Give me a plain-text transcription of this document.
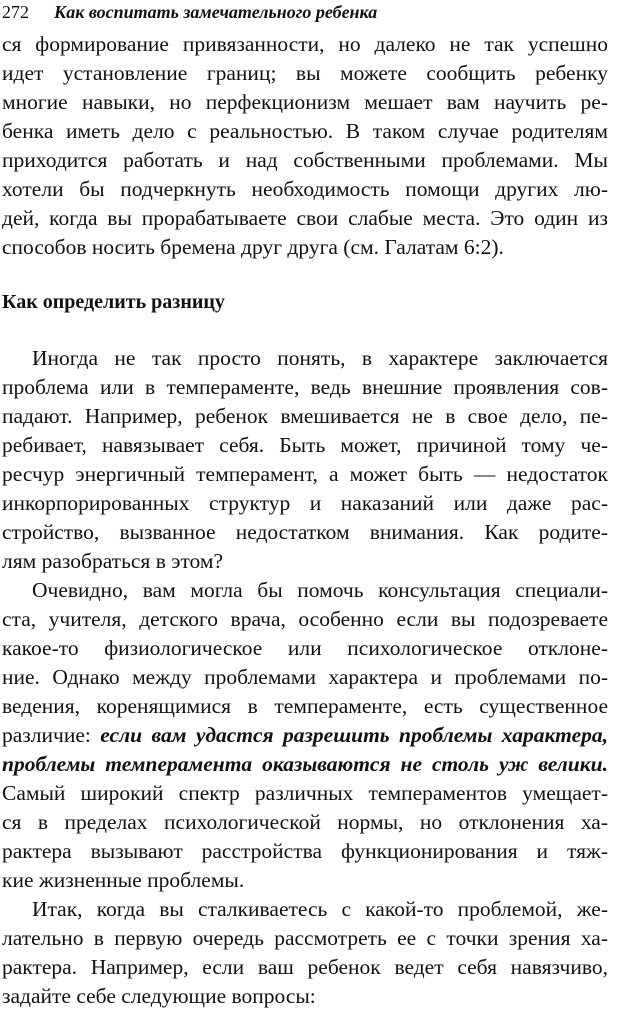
272 Как воспитать замечательного ребенка
ся формирование привязанности, но далеко не так успешно
идет установление границ; вы можете сообщить ребенку
многие навыки, но перфекционизм мешает вам научить ре-
бенка иметь дело с реальностью. В таком случае родителям
приходится работать и над собственными проблемами. Мы
хотели бы подчеркнуть необходимость помощи других лю-
дей, когда вы прорабатываете свои слабые места. Это один из
способов носить бремена друг друга (см. Галатам 6:2).
Как определить разницу
Иногда не так просто понять, в характере заключается
проблема или в темпераменте, ведь внешние проявления сов-
падают. Например, ребенок вмешивается не в свое дело, пе-
ребивает, навязывает себя. Быть может, причиной тому че-
ресчур энергичный темперамент, а может быть — недостаток
инкорпорированных структур и наказаний или даже рас-
стройство, вызванное недостатком внимания. Как родите-
лям разобраться в этом?
Очевидно, вам могла бы помочь консультация специали-
ста, учителя, детского врача, особенно если вы подозреваете
какое-то физиологическое или психологическое отклоне-
ние. Однако между проблемами характера и проблемами по-
ведения, коренящимися в темпераменте, есть существенное
различие: если вам удастся разрешить проблемы характера,
проблемы темперамента оказываются не столь уж велики.
Самый широкий спектр различных темпераментов умещает-
ся в пределах психологической нормы, но отклонения ха-
рактера вызывают расстройства функционирования и тяж-
кие жизненные проблемы.
Итак, когда вы сталкиваетесь с какой-то проблемой, же-
лательно в первую очередь рассмотреть ее с точки зрения ха-
рактера. Например, если ваш ребенок ведет себя навязчиво,
задайте себе следующие вопросы:
